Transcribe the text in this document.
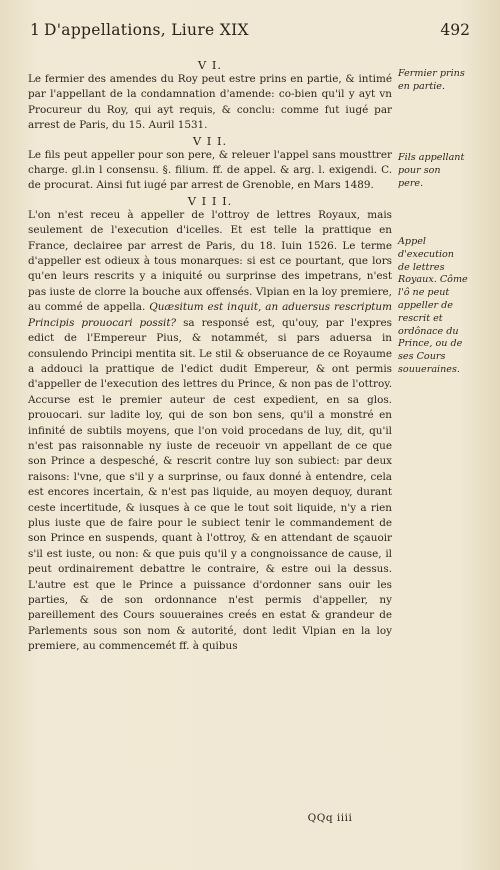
1 D'appellations, Liure XIX	492
V I.

Le fermier des amendes du Roy peut estre prins en partie, & intimé par l'appellant de la condamnation d'amende: co-bien qu'il y ayt vn Procureur du Roy, qui ayt requis, & conclu: comme fut iugé par arrest de Paris, du 15. Auril 1531.

V I I.

Le fils peut appeller pour son pere, & releuer l'appel sans mousttrer charge. gl.in l consensu. §. filium. ff. de appel. & arg. l. exigendi. C. de procurat. Ainsi fut iugé par arrest de Grenoble, en Mars 1489.

V I I I.

L'on n'est receu à appeller de l'ottroy de lettres Royaux, mais seulement de l'execution d'icelles. Et est telle la prattique en France, declairee par arrest de Paris, du 18. Iuin 1526. Le terme d'appeller est odieux à tous monarques: si est ce pourtant, que lors qu'en leurs rescrits y a iniquité ou surprinse des impetrans, n'est pas iuste de clorre la bouche aux offensés. Vlpian en la loy premiere, au commé de appella. Quæsitum est inquit, an aduersus rescriptum Principis prouocari possit? sa responsé est, qu'ouy, par l'expres edict de l'Empereur Pius, & notammét, si pars aduersa in consulendo Principi mentita sit. Le stil & obseruance de ce Royaume a addouci la prattique de l'edict dudit Empereur, & ont permis d'appeller de l'execution des lettres du Prince, & non pas de l'ottroy. Accurse est le premier auteur de cest expedient, en sa glos. prouocari. sur ladite loy, qui de son bon sens, qu'il a monstré en infinité de subtils moyens, que l'on void procedans de luy, dit, qu'il n'est pas raisonnable ny iuste de receuoir vn appellant de ce que son Prince a despesché, & rescrit contre luy son subiect: par deux raisons: l'vne, que s'il y a surprinse, ou faux donné à entendre, cela est encores incertain, & n'est pas liquide, au moyen dequoy, durant ceste incertitude, & iusques à ce que le tout soit liquide, n'y a rien plus iuste que de faire pour le subiect tenir le commandement de son Prince en suspends, quant à l'ottroy, & en attendant de sçauoir s'il est iuste, ou non: & que puis qu'il y a congnoissance de cause, il peut ordinairement debattre le contraire, & estre oui la dessus. L'autre est que le Prince a puissance d'ordonner sans ouir les parties, & de son ordonnance n'est permis d'appeller, ny pareillement des Cours souueraines creés en estat & grandeur de Parlements sous son nom & autorité, dont ledit Vlpian en la loy premiere, au commencemét ff. à quibus

Fermier prins en partie.
Fils appellant pour son pere.
Appel d'execution de lettres Royaux. Côme l'ô ne peut appeller de rescrit et ordônace du Prince, ou de ses Cours souueraines.
QQq iiii
